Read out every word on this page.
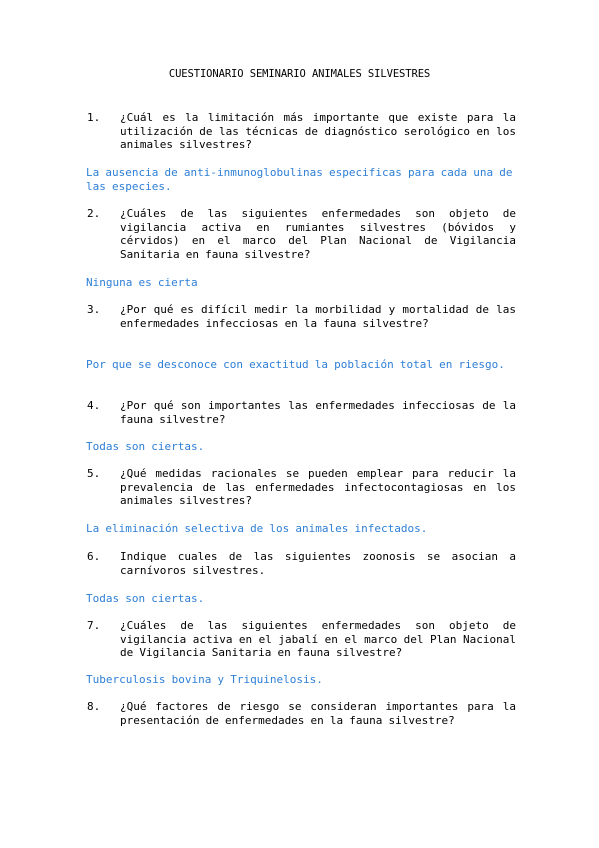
CUESTIONARIO SEMINARIO ANIMALES SILVESTRES
1.	¿Cuál es la limitación más importante que existe para la utilización de las técnicas de diagnóstico serológico en los animales silvestres?
La ausencia de anti-inmunoglobulinas especificas para cada una de las especies.
2.	¿Cuáles de las siguientes enfermedades son objeto de vigilancia activa en rumiantes silvestres (bóvidos y cérvidos) en el marco del Plan Nacional de Vigilancia Sanitaria en fauna silvestre?
Ninguna es cierta
3.	¿Por qué es difícil medir la morbilidad y mortalidad de las enfermedades infecciosas en la fauna silvestre?
Por que se desconoce con exactitud la población total en riesgo.
4.	¿Por qué son importantes las enfermedades infecciosas de la fauna silvestre?
Todas son ciertas.
5.	¿Qué medidas racionales se pueden emplear para reducir la prevalencia de las enfermedades infectocontagiosas en los animales silvestres?
La eliminación selectiva de los animales infectados.
6.	Indique cuales de las siguientes zoonosis se asocian a carnívoros silvestres.
Todas son ciertas.
7.	¿Cuáles de las siguientes enfermedades son objeto de vigilancia activa en el jabalí en el marco del Plan Nacional de Vigilancia Sanitaria en fauna silvestre?
Tuberculosis bovina y Triquinelosis.
8.	¿Qué factores de riesgo se consideran importantes para la presentación de enfermedades en la fauna silvestre?
